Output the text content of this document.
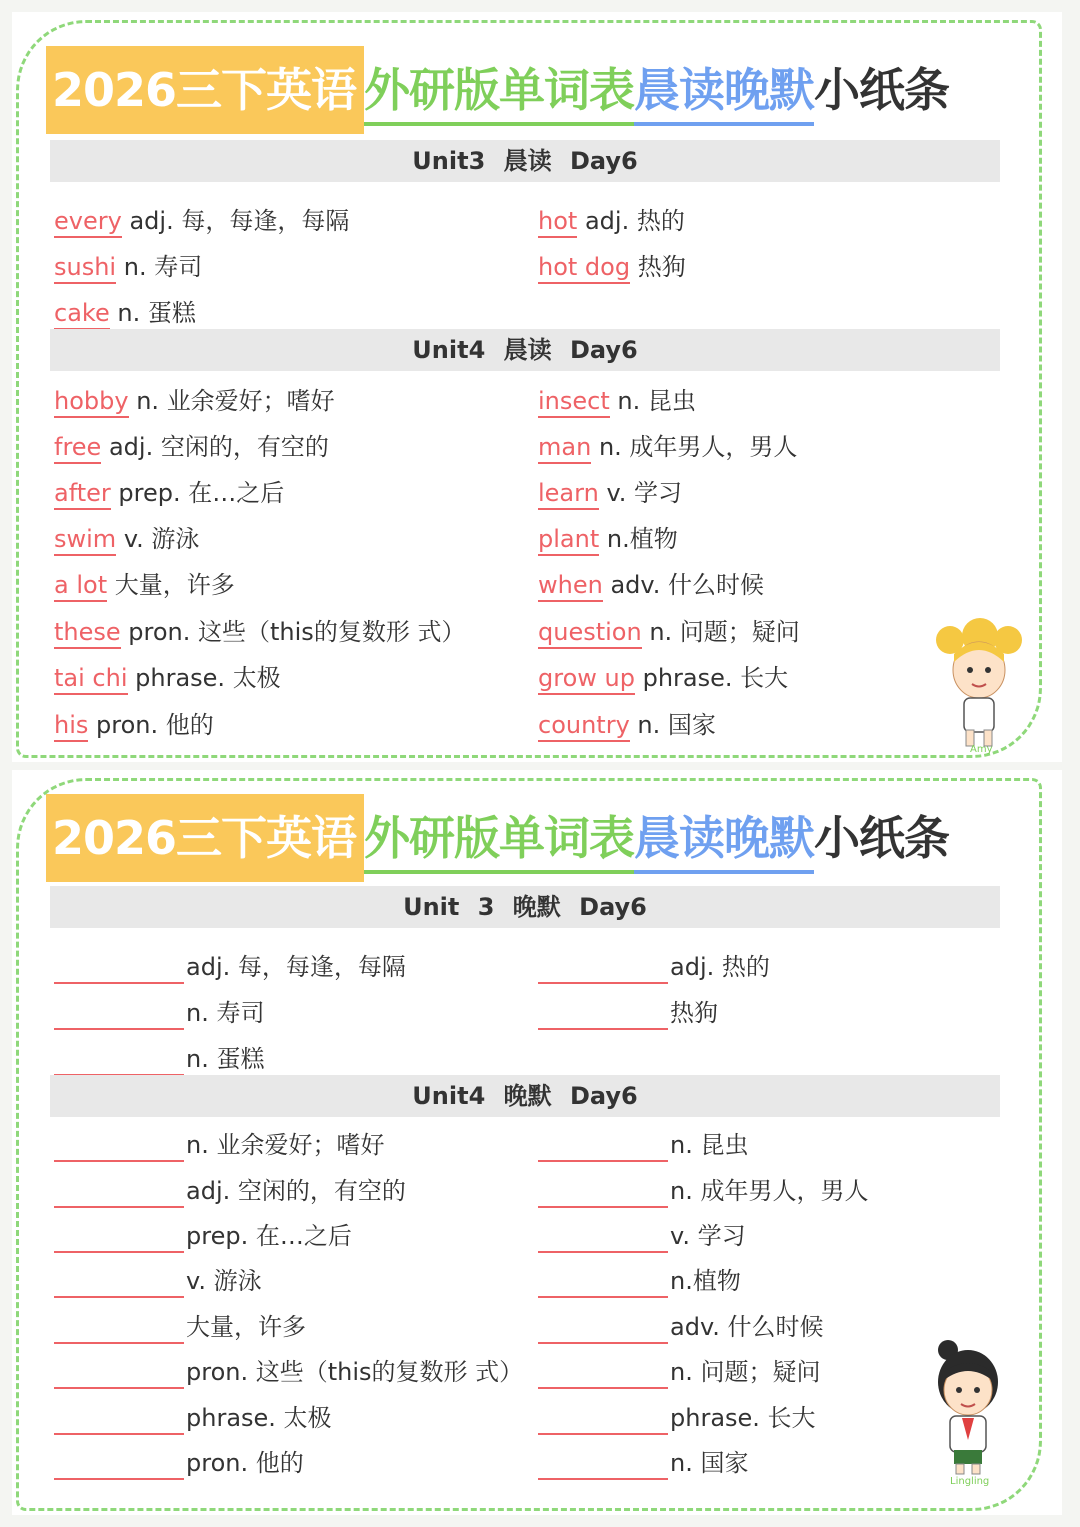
2026三下英语 外研版单词表 晨读晚默 小纸条
Unit3 晨读 Day6
every adj. 每，每逢，每隔
sushi n. 寿司
cake n. 蛋糕
hot adj. 热的
hot dog 热狗
Unit4 晨读 Day6
hobby n. 业余爱好；嗜好
free adj. 空闲的，有空的
after prep. 在…之后
swim v. 游泳
a lot 大量，许多
these pron. 这些（this的复数形 式）
tai chi phrase. 太极
his pron. 他的
insect n. 昆虫
man n. 成年男人，男人
learn v. 学习
plant n.植物
when adv. 什么时候
question n. 问题；疑问
grow up phrase. 长大
country n. 国家
Amy
2026三下英语 外研版单词表 晨读晚默 小纸条
Unit 3 晚默 Day6
adj. 每，每逢，每隔
n. 寿司
n. 蛋糕
adj. 热的
热狗
Unit4 晚默 Day6
n. 业余爱好；嗜好
adj. 空闲的，有空的
prep. 在…之后
v. 游泳
大量，许多
pron. 这些（this的复数形 式）
phrase. 太极
pron. 他的
n. 昆虫
n. 成年男人，男人
v. 学习
n.植物
adv. 什么时候
n. 问题；疑问
phrase. 长大
n. 国家
Lingling
